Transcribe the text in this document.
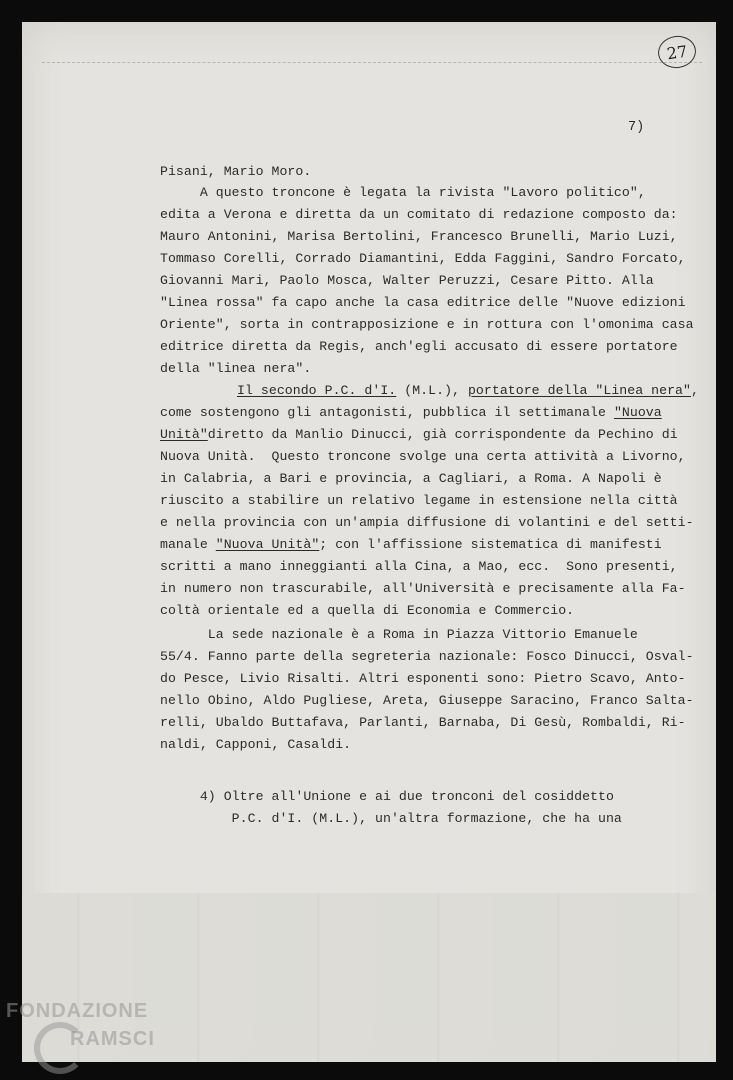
27
7)
Pisani, Mario Moro.
A questo troncone è legata la rivista "Lavoro politico",
edita a Verona e diretta da un comitato di redazione composto da:
Mauro Antonini, Marisa Bertolini, Francesco Brunelli, Mario Luzi,
Tommaso Corelli, Corrado Diamantini, Edda Faggini, Sandro Forcato,
Giovanni Mari, Paolo Mosca, Walter Peruzzi, Cesare Pitto. Alla
"Linea rossa" fa capo anche la casa editrice delle "Nuove edizioni
Oriente", sorta in contrapposizione e in rottura con l'omonima casa
editrice diretta da Regis, anch'egli accusato di essere portatore
della "linea nera".
Il secondo P.C. d'I. (M.L.), portatore della "Linea nera",
come sostengono gli antagonisti, pubblica il settimanale "Nuova
Unità"diretto da Manlio Dinucci, già corrispondente da Pechino di
Nuova Unità.  Questo troncone svolge una certa attività a Livorno,
in Calabria, a Bari e provincia, a Cagliari, a Roma. A Napoli è
riuscito a stabilire un relativo legame in estensione nella città
e nella provincia con un'ampia diffusione di volantini e del setti-
manale "Nuova Unità"; con l'affissione sistematica di manifesti
scritti a mano inneggianti alla Cina, a Mao, ecc.  Sono presenti,
in numero non trascurabile, all'Università e precisamente alla Fa-
coltà orientale ed a quella di Economia e Commercio.
La sede nazionale è a Roma in Piazza Vittorio Emanuele
55/4. Fanno parte della segreteria nazionale: Fosco Dinucci, Osval-
do Pesce, Livio Risalti. Altri esponenti sono: Pietro Scavo, Anto-
nello Obino, Aldo Pugliese, Areta, Giuseppe Saracino, Franco Salta-
relli, Ubaldo Buttafava, Parlanti, Barnaba, Di Gesù, Rombaldi, Ri-
naldi, Capponi, Casaldi.
4) Oltre all'Unione e ai due tronconi del cosiddetto
P.C. d'I. (M.L.), un'altra formazione, che ha una
FONDAZIONE
RAMSCI
